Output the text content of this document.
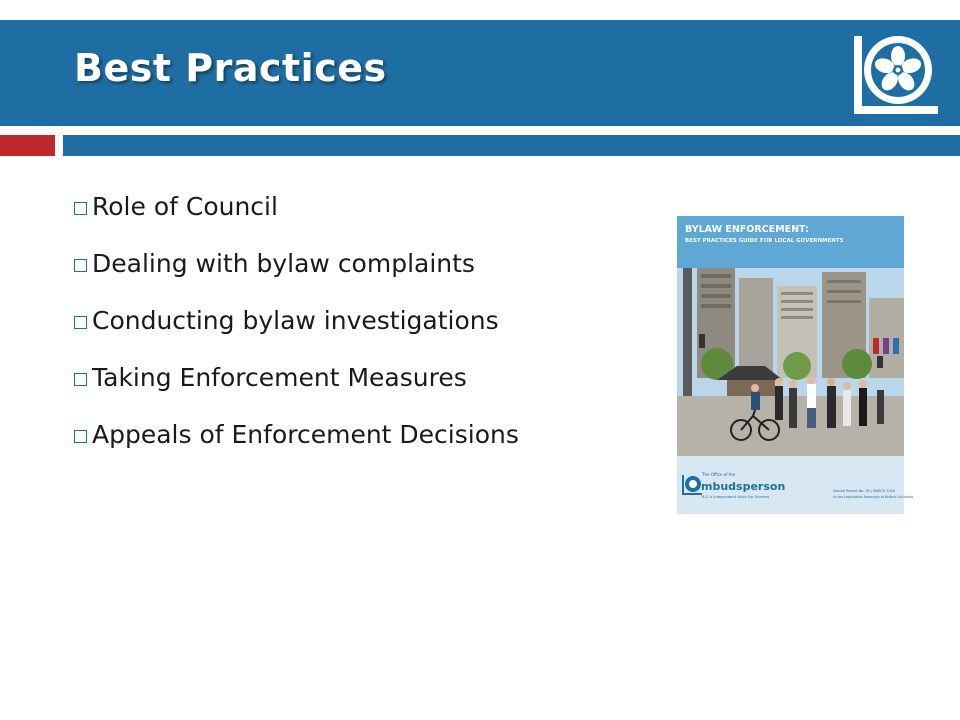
Best Practices
Role of Council
Dealing with bylaw complaints
Conducting bylaw investigations
Taking Enforcement Measures
Appeals of Enforcement Decisions
BYLAW ENFORCEMENT:
BEST PRACTICES GUIDE FOR LOCAL GOVERNMENTS
The Office of the
mbudsperson
B.C.'s Independent Voice For Fairness
Special Report No. 36 | MARCH 2016
to the Legislative Assembly of British Columbia
